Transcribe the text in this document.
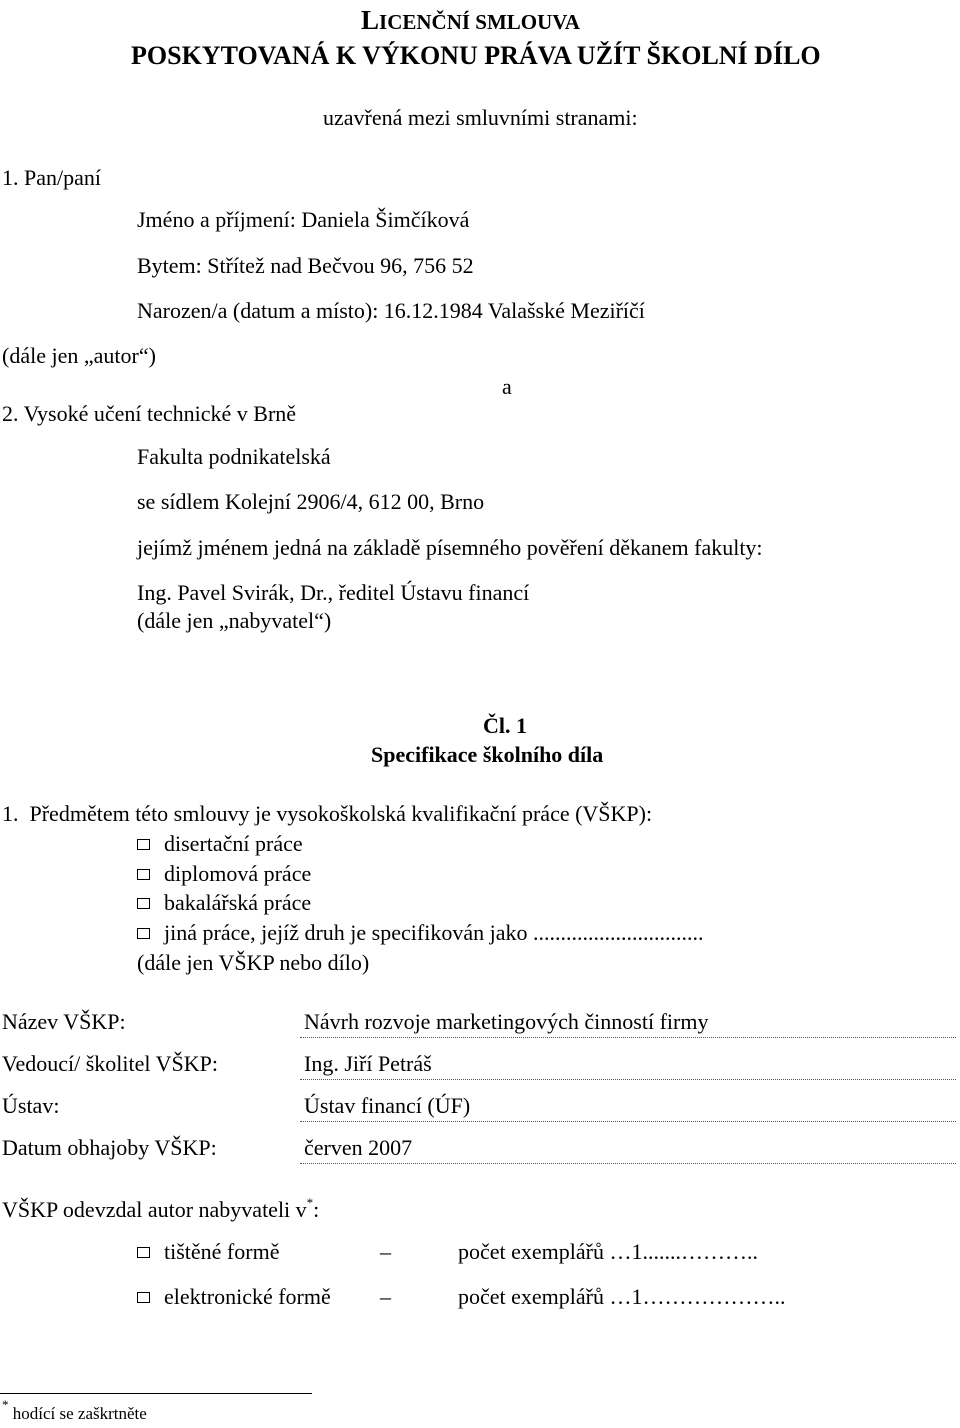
LICENČNÍ SMLOUVA
POSKYTOVANÁ K VÝKONU PRÁVA UŽÍT ŠKOLNÍ DÍLO
uzavřená mezi smluvními stranami:
1. Pan/paní
Jméno a příjmení: Daniela Šimčíková
Bytem: Střítež nad Bečvou 96, 756 52
Narozen/a (datum a místo): 16.12.1984 Valašské Meziříčí
(dále jen „autor“)
a
2. Vysoké učení technické v Brně
Fakulta podnikatelská
se sídlem Kolejní 2906/4, 612 00, Brno
jejímž jménem jedná na základě písemného pověření děkanem fakulty:
Ing. Pavel Svirák, Dr., ředitel Ústavu financí
(dále jen „nabyvatel“)
Čl. 1
Specifikace školního díla
1.  Předmětem této smlouvy je vysokoškolská kvalifikační práce (VŠKP):
disertační práce
diplomová práce
bakalářská práce
jiná práce, jejíž druh je specifikován jako ...............................
(dále jen VŠKP nebo dílo)
Název VŠKP:	Návrh rozvoje marketingových činností firmy
Vedoucí/ školitel VŠKP:	Ing. Jiří Petráš
Ústav:	Ústav financí (ÚF)
Datum obhajoby VŠKP:	červen 2007
VŠKP odevzdal autor nabyvateli v*:
tištěné formě	–	počet exemplářů …1.......………..
elektronické formě –	počet exemplářů …1………………..
* hodící se zaškrtněte
